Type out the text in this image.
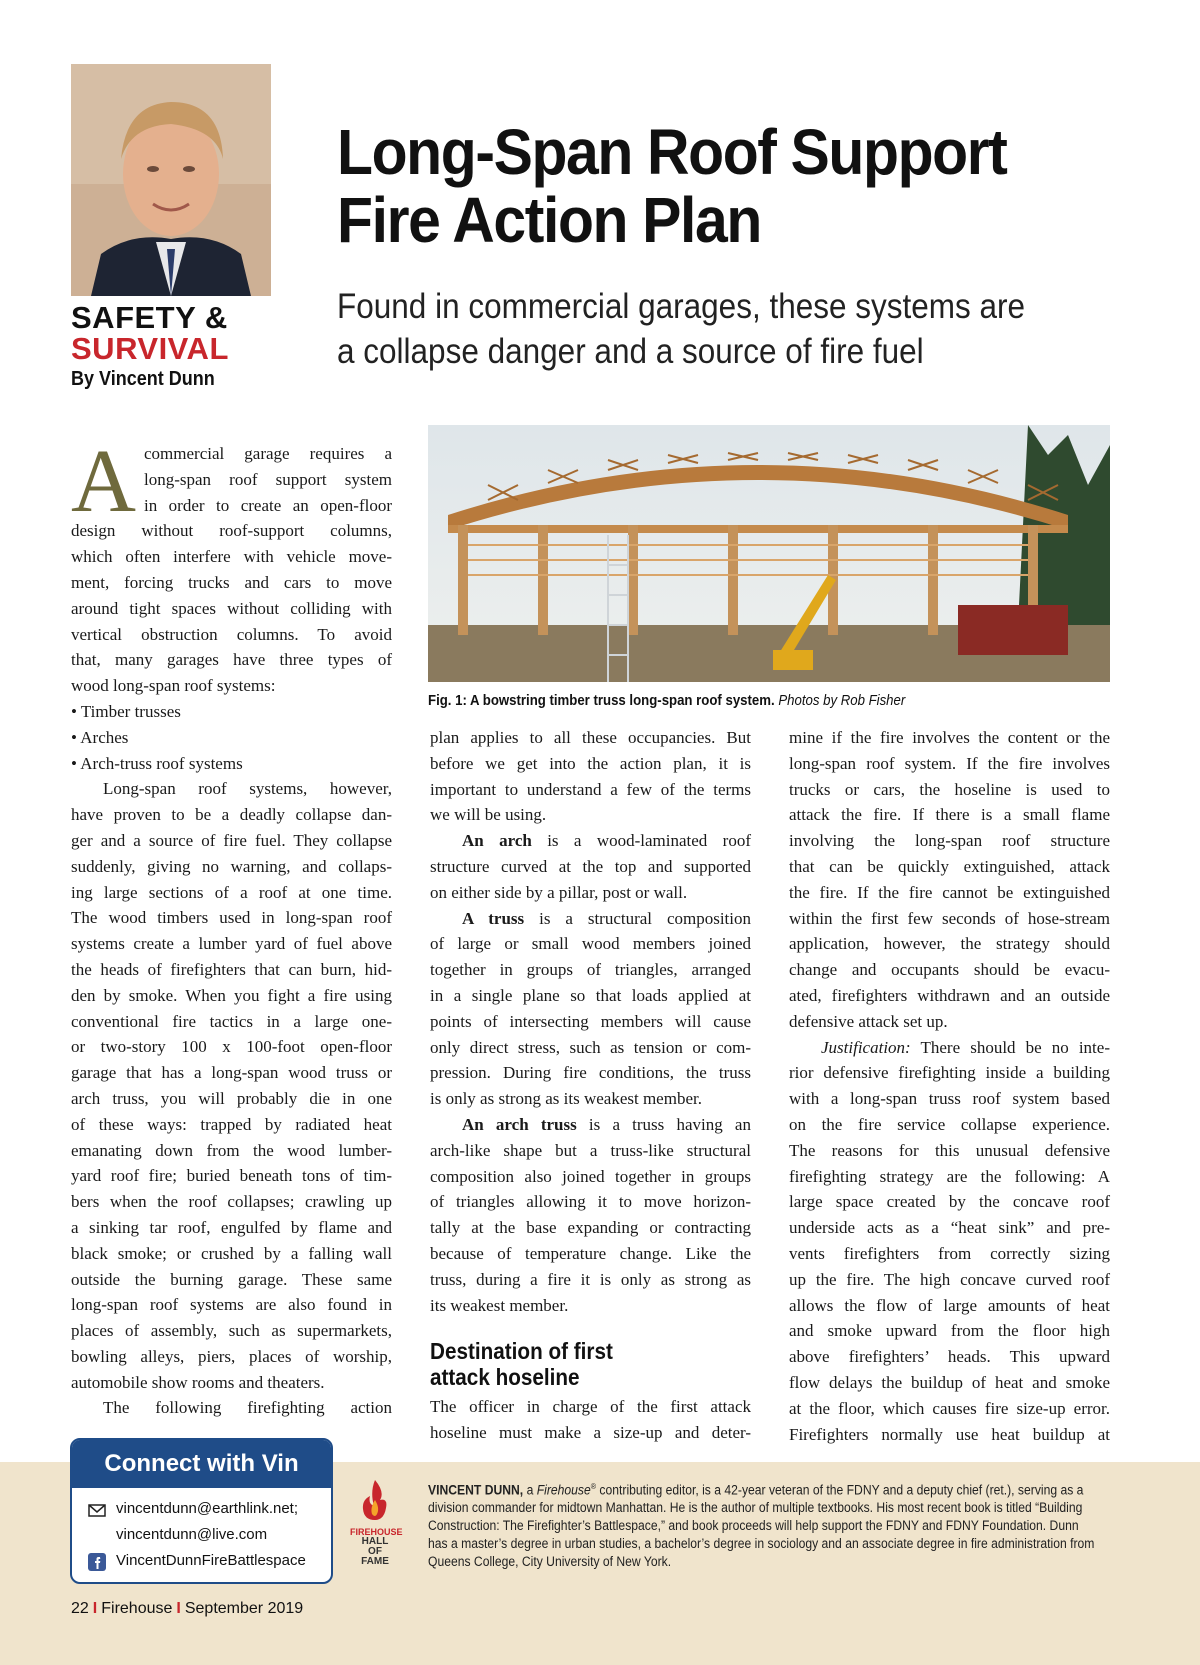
SAFETY &
SURVIVAL
By Vincent Dunn
Long-Span Roof Support
Fire Action Plan
Found in commercial garages, these systems are
a collapse danger and a source of fire fuel
Fig. 1: A bowstring timber truss long-span roof system. Photos by Rob Fisher
A commercial garage requires a
long-span roof support system
in order to create an open-floor
design without roof-support columns,
which often interfere with vehicle move-
ment, forcing trucks and cars to move
around tight spaces without colliding with
vertical obstruction columns. To avoid
that, many garages have three types of
wood long-span roof systems:
• Timber trusses
• Arches
• Arch-truss roof systems
Long-span roof systems, however,
have proven to be a deadly collapse dan-
ger and a source of fire fuel. They collapse
suddenly, giving no warning, and collaps-
ing large sections of a roof at one time.
The wood timbers used in long-span roof
systems create a lumber yard of fuel above
the heads of firefighters that can burn, hid-
den by smoke. When you fight a fire using
conventional fire tactics in a large one-
or two-story 100 x 100-foot open-floor
garage that has a long-span wood truss or
arch truss, you will probably die in one
of these ways: trapped by radiated heat
emanating down from the wood lumber-
yard roof fire; buried beneath tons of tim-
bers when the roof collapses; crawling up
a sinking tar roof, engulfed by flame and
black smoke; or crushed by a falling wall
outside the burning garage. These same
long-span roof systems are also found in
places of assembly, such as supermarkets,
bowling alleys, piers, places of worship,
automobile show rooms and theaters.
The following firefighting action
plan applies to all these occupancies. But
before we get into the action plan, it is
important to understand a few of the terms
we will be using.
An arch is a wood-laminated roof
structure curved at the top and supported
on either side by a pillar, post or wall.
A truss is a structural composition
of large or small wood members joined
together in groups of triangles, arranged
in a single plane so that loads applied at
points of intersecting members will cause
only direct stress, such as tension or com-
pression. During fire conditions, the truss
is only as strong as its weakest member.
An arch truss is a truss having an
arch-like shape but a truss-like structural
composition also joined together in groups
of triangles allowing it to move horizon-
tally at the base expanding or contracting
because of temperature change. Like the
truss, during a fire it is only as strong as
its weakest member.
Destination of first
attack hoseline
The officer in charge of the first attack
hoseline must make a size-up and deter-
mine if the fire involves the content or the
long-span roof system. If the fire involves
trucks or cars, the hoseline is used to
attack the fire. If there is a small flame
involving the long-span roof structure
that can be quickly extinguished, attack
the fire. If the fire cannot be extinguished
within the first few seconds of hose-stream
application, however, the strategy should
change and occupants should be evacu-
ated, firefighters withdrawn and an outside
defensive attack set up.
Justification: There should be no inte-
rior defensive firefighting inside a building
with a long-span truss roof system based
on the fire service collapse experience.
The reasons for this unusual defensive
firefighting strategy are the following: A
large space created by the concave roof
underside acts as a “heat sink” and pre-
vents firefighters from correctly sizing
up the fire. The high concave curved roof
allows the flow of large amounts of heat
and smoke upward from the floor high
above firefighters’ heads. This upward
flow delays the buildup of heat and smoke
at the floor, which causes fire size-up error.
Firefighters normally use heat buildup at
Connect with Vin
vincentdunn@earthlink.net;
vincentdunn@live.com
VincentDunnFireBattlespace
FIREHOUSE
HALL
OF
FAME
VINCENT DUNN, a Firehouse® contributing editor, is a 42-year veteran of the FDNY and a deputy chief (ret.), serving as a
division commander for midtown Manhattan. He is the author of multiple textbooks. His most recent book is titled “Building
Construction: The Firefighter’s Battlespace,” and book proceeds will help support the FDNY and FDNY Foundation. Dunn
has a master’s degree in urban studies, a bachelor’s degree in sociology and an associate degree in fire administration from
Queens College, City University of New York.
22 I Firehouse I September 2019
